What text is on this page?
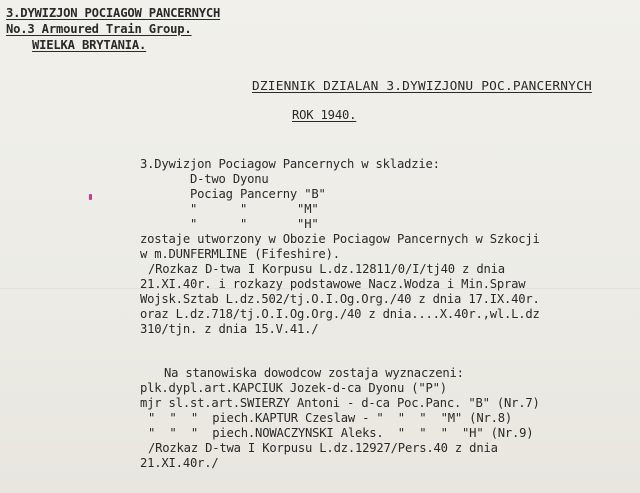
3.DYWIZJON POCIAGOW PANCERNYCH
No.3 Armoured Train Group.
WIELKA BRYTANIA.
DZIENNIK DZIALAN 3.DYWIZJONU POC.PANCERNYCH
ROK 1940.
3.Dywizjon Pociagow Pancernych w skladzie:
D-two Dyonu
Pociag Pancerny "B"
"      "       "M"
"      "       "H"
zostaje utworzony w Obozie Pociagow Pancernych w Szkocji
w m.DUNFERMLINE (Fifeshire).
/Rozkaz D-twa I Korpusu L.dz.12811/0/I/tj40 z dnia
21.XI.40r. i rozkazy podstawowe Nacz.Wodza i Min.Spraw
Wojsk.Sztab L.dz.502/tj.O.I.Og.Org./40 z dnia 17.IX.40r.
oraz L.dz.718/tj.O.I.Og.Org./40 z dnia....X.40r.,wl.L.dz
310/tjn. z dnia 15.V.41./
Na stanowiska dowodcow zostaja wyznaczeni:
plk.dypl.art.KAPCIUK Jozek-d-ca Dyonu ("P")
mjr sl.st.art.SWIERZY Antoni - d-ca Poc.Panc. "B" (Nr.7)
"  "  "  piech.KAPTUR Czeslaw - "  "  "  "M" (Nr.8)
"  "  "  piech.NOWACZYNSKI Aleks.  "  "  "  "H" (Nr.9)
/Rozkaz D-twa I Korpusu L.dz.12927/Pers.40 z dnia
21.XI.40r./
